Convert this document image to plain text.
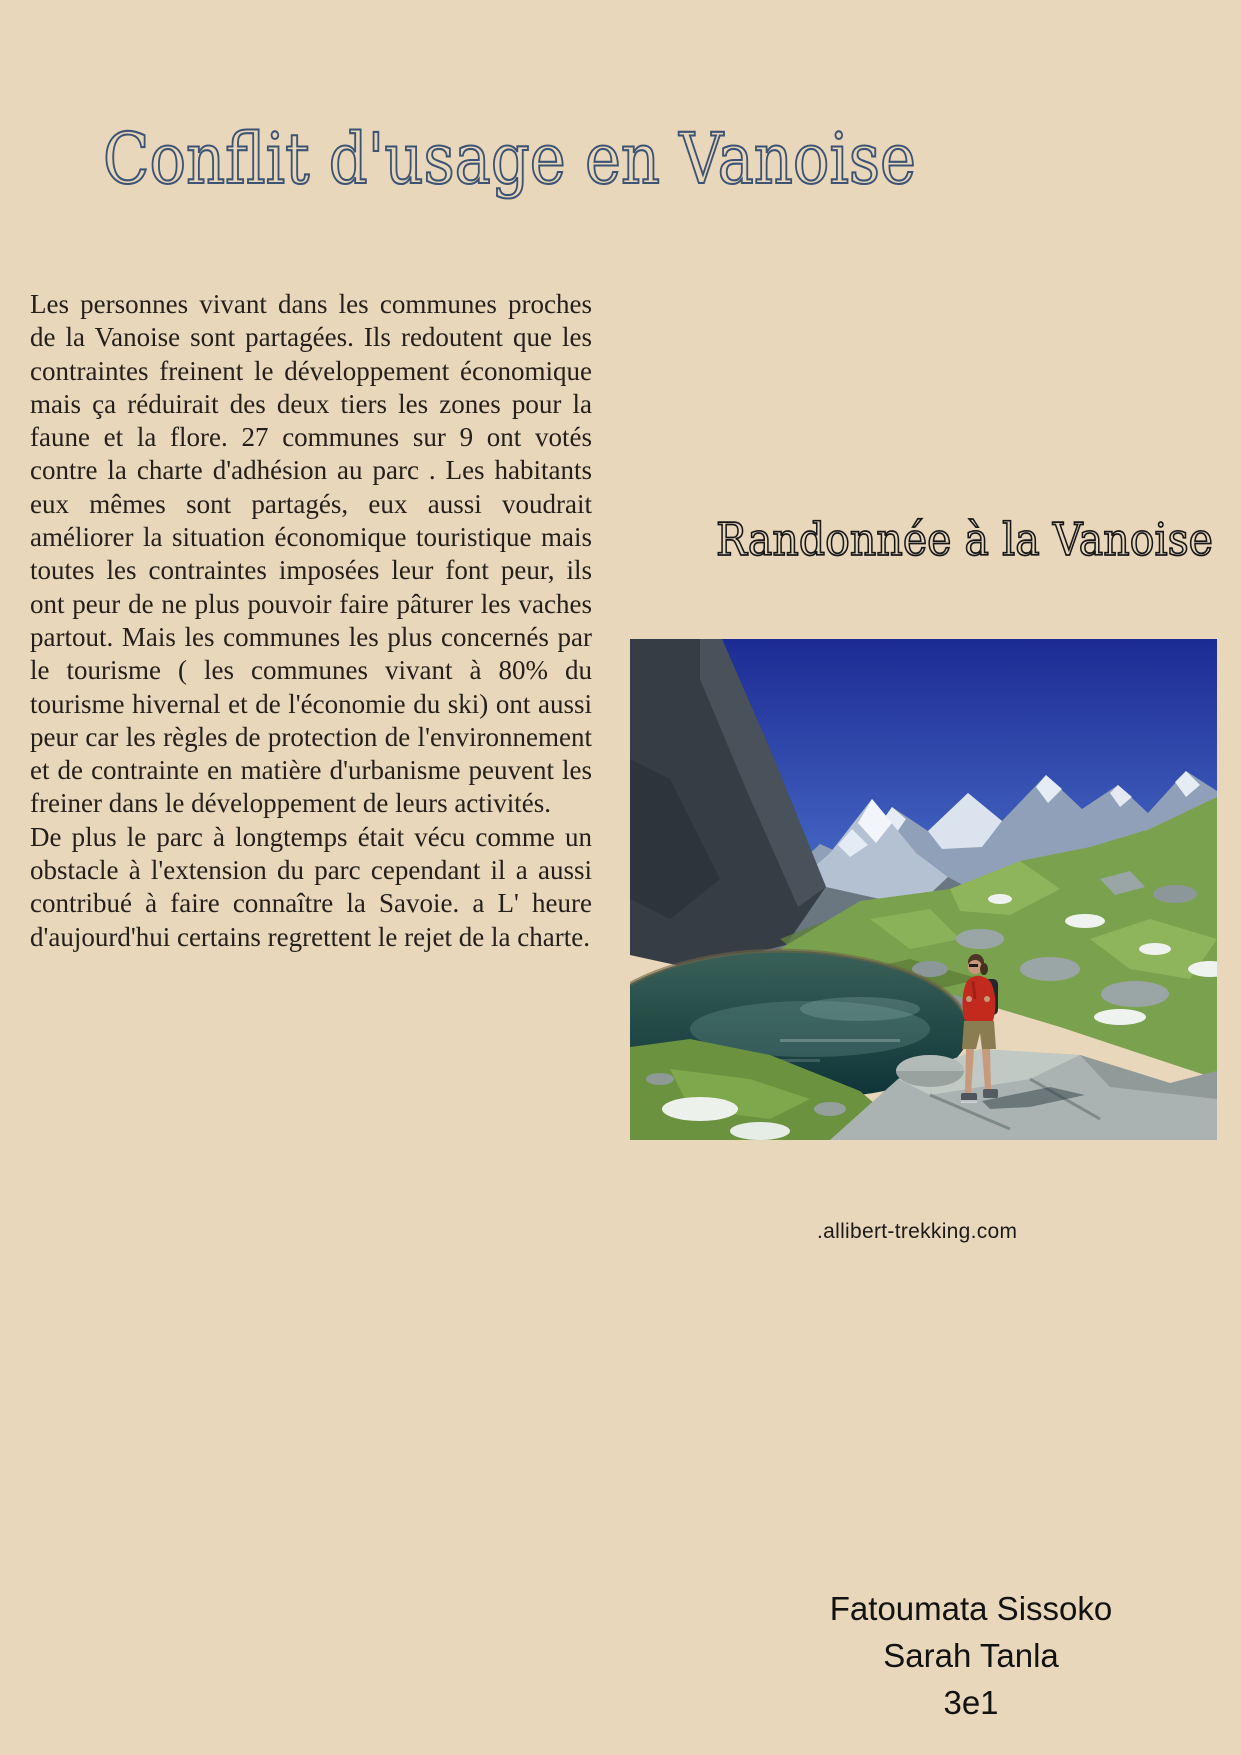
Conflit d'usage en Vanoise

Les personnes vivant dans les communes proches de la Vanoise sont partagées. Ils redoutent que les contraintes freinent le développement économique mais ça réduirait des deux tiers les zones pour la faune et la flore. 27 communes sur 9 ont votés contre la charte d'adhésion au parc . Les habitants eux mêmes sont partagés, eux aussi voudrait améliorer la situation économique touristique mais toutes les contraintes imposées leur font peur, ils ont peur de ne plus pouvoir faire pâturer les vaches partout. Mais les communes les plus concernés par le tourisme ( les communes vivant à 80% du tourisme hivernal et de l'économie du ski) ont aussi peur car les règles de protection de l'environnement et de contrainte en matière d'urbanisme peuvent les freiner dans le développement de leurs activités.

De plus le parc à longtemps était vécu comme un obstacle à l'extension du parc cependant il a aussi contribué à faire connaître la Savoie. a L' heure d'aujourd'hui certains regrettent le rejet de la charte.

Randonnée à la Vanoise
.allibert-trekking.com
Fatoumata Sissoko
Sarah Tanla
3e1
